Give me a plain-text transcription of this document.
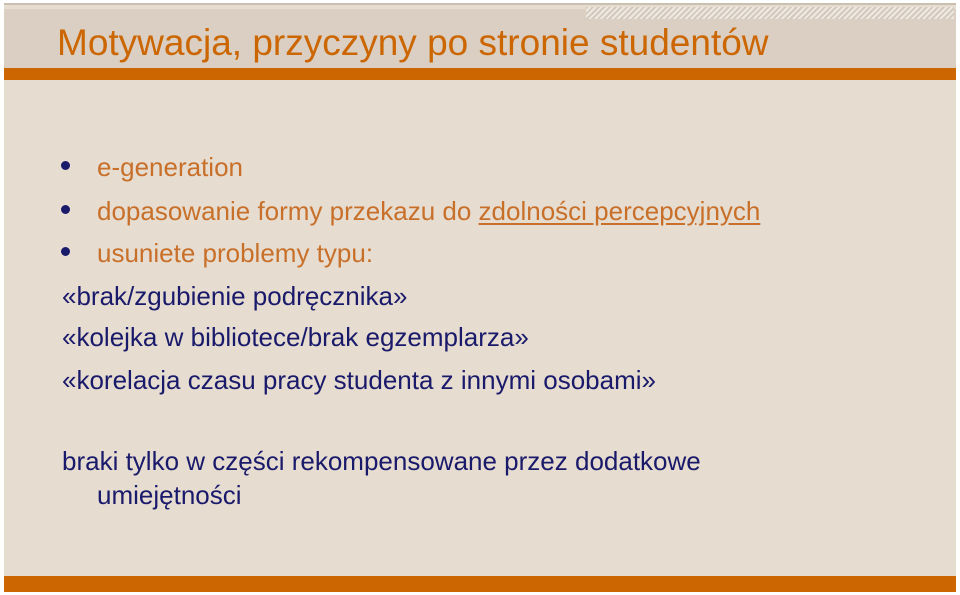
Motywacja, przyczyny po stronie studentów

e-generation

dopasowanie formy przekazu do zdolności percepcyjnych

usuniete problemy typu:

«brak/zgubienie podręcznika»

«kolejka w bibliotece/brak egzemplarza»

«korelacja czasu pracy studenta z innymi osobami»

braki tylko w części rekompensowane przez dodatkowe

umiejętności
